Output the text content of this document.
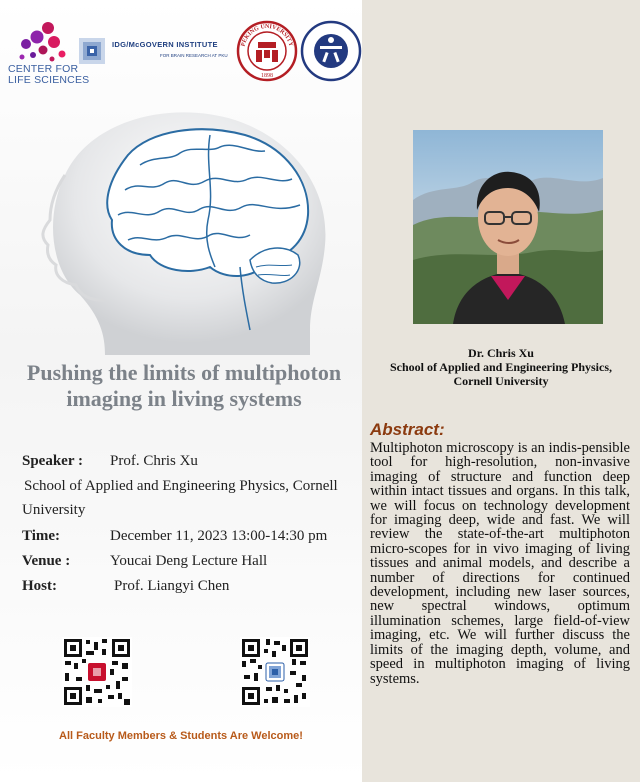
CENTER FOR
LIFE SCIENCES
IDG/McGOVERN INSTITUTE
FOR BRAIN RESEARCH AT PKU
PEKING UNIVERSITY
1898
Pushing the limits of multiphoton
imaging in living systems
Speaker : Prof. Chris Xu
School of Applied and Engineering Physics, Cornell
University
Time:	December 11, 2023 13:00-14:30 pm
Venue :	Youcai Deng Lecture Hall
Host:	Prof. Liangyi Chen
All Faculty Members & Students Are Welcome!
Dr. Chris Xu
School of Applied and Engineering Physics,
Cornell University
Abstract:
Multiphoton microscopy is an indis-pensible tool for high-resolution, non-invasive imaging of structure and function deep within intact tissues and organs. In this talk, we will focus on technology development for imaging deep, wide and fast. We will review the state-of-the-art multiphoton micro-scopes for in vivo imaging of living tissues and animal models, and describe a number of directions for continued development, including new laser sources, new spectral windows, optimum illumination schemes, large field-of-view imaging, etc. We will further discuss the limits of the imaging depth, volume, and speed in multiphoton imaging of living systems.
